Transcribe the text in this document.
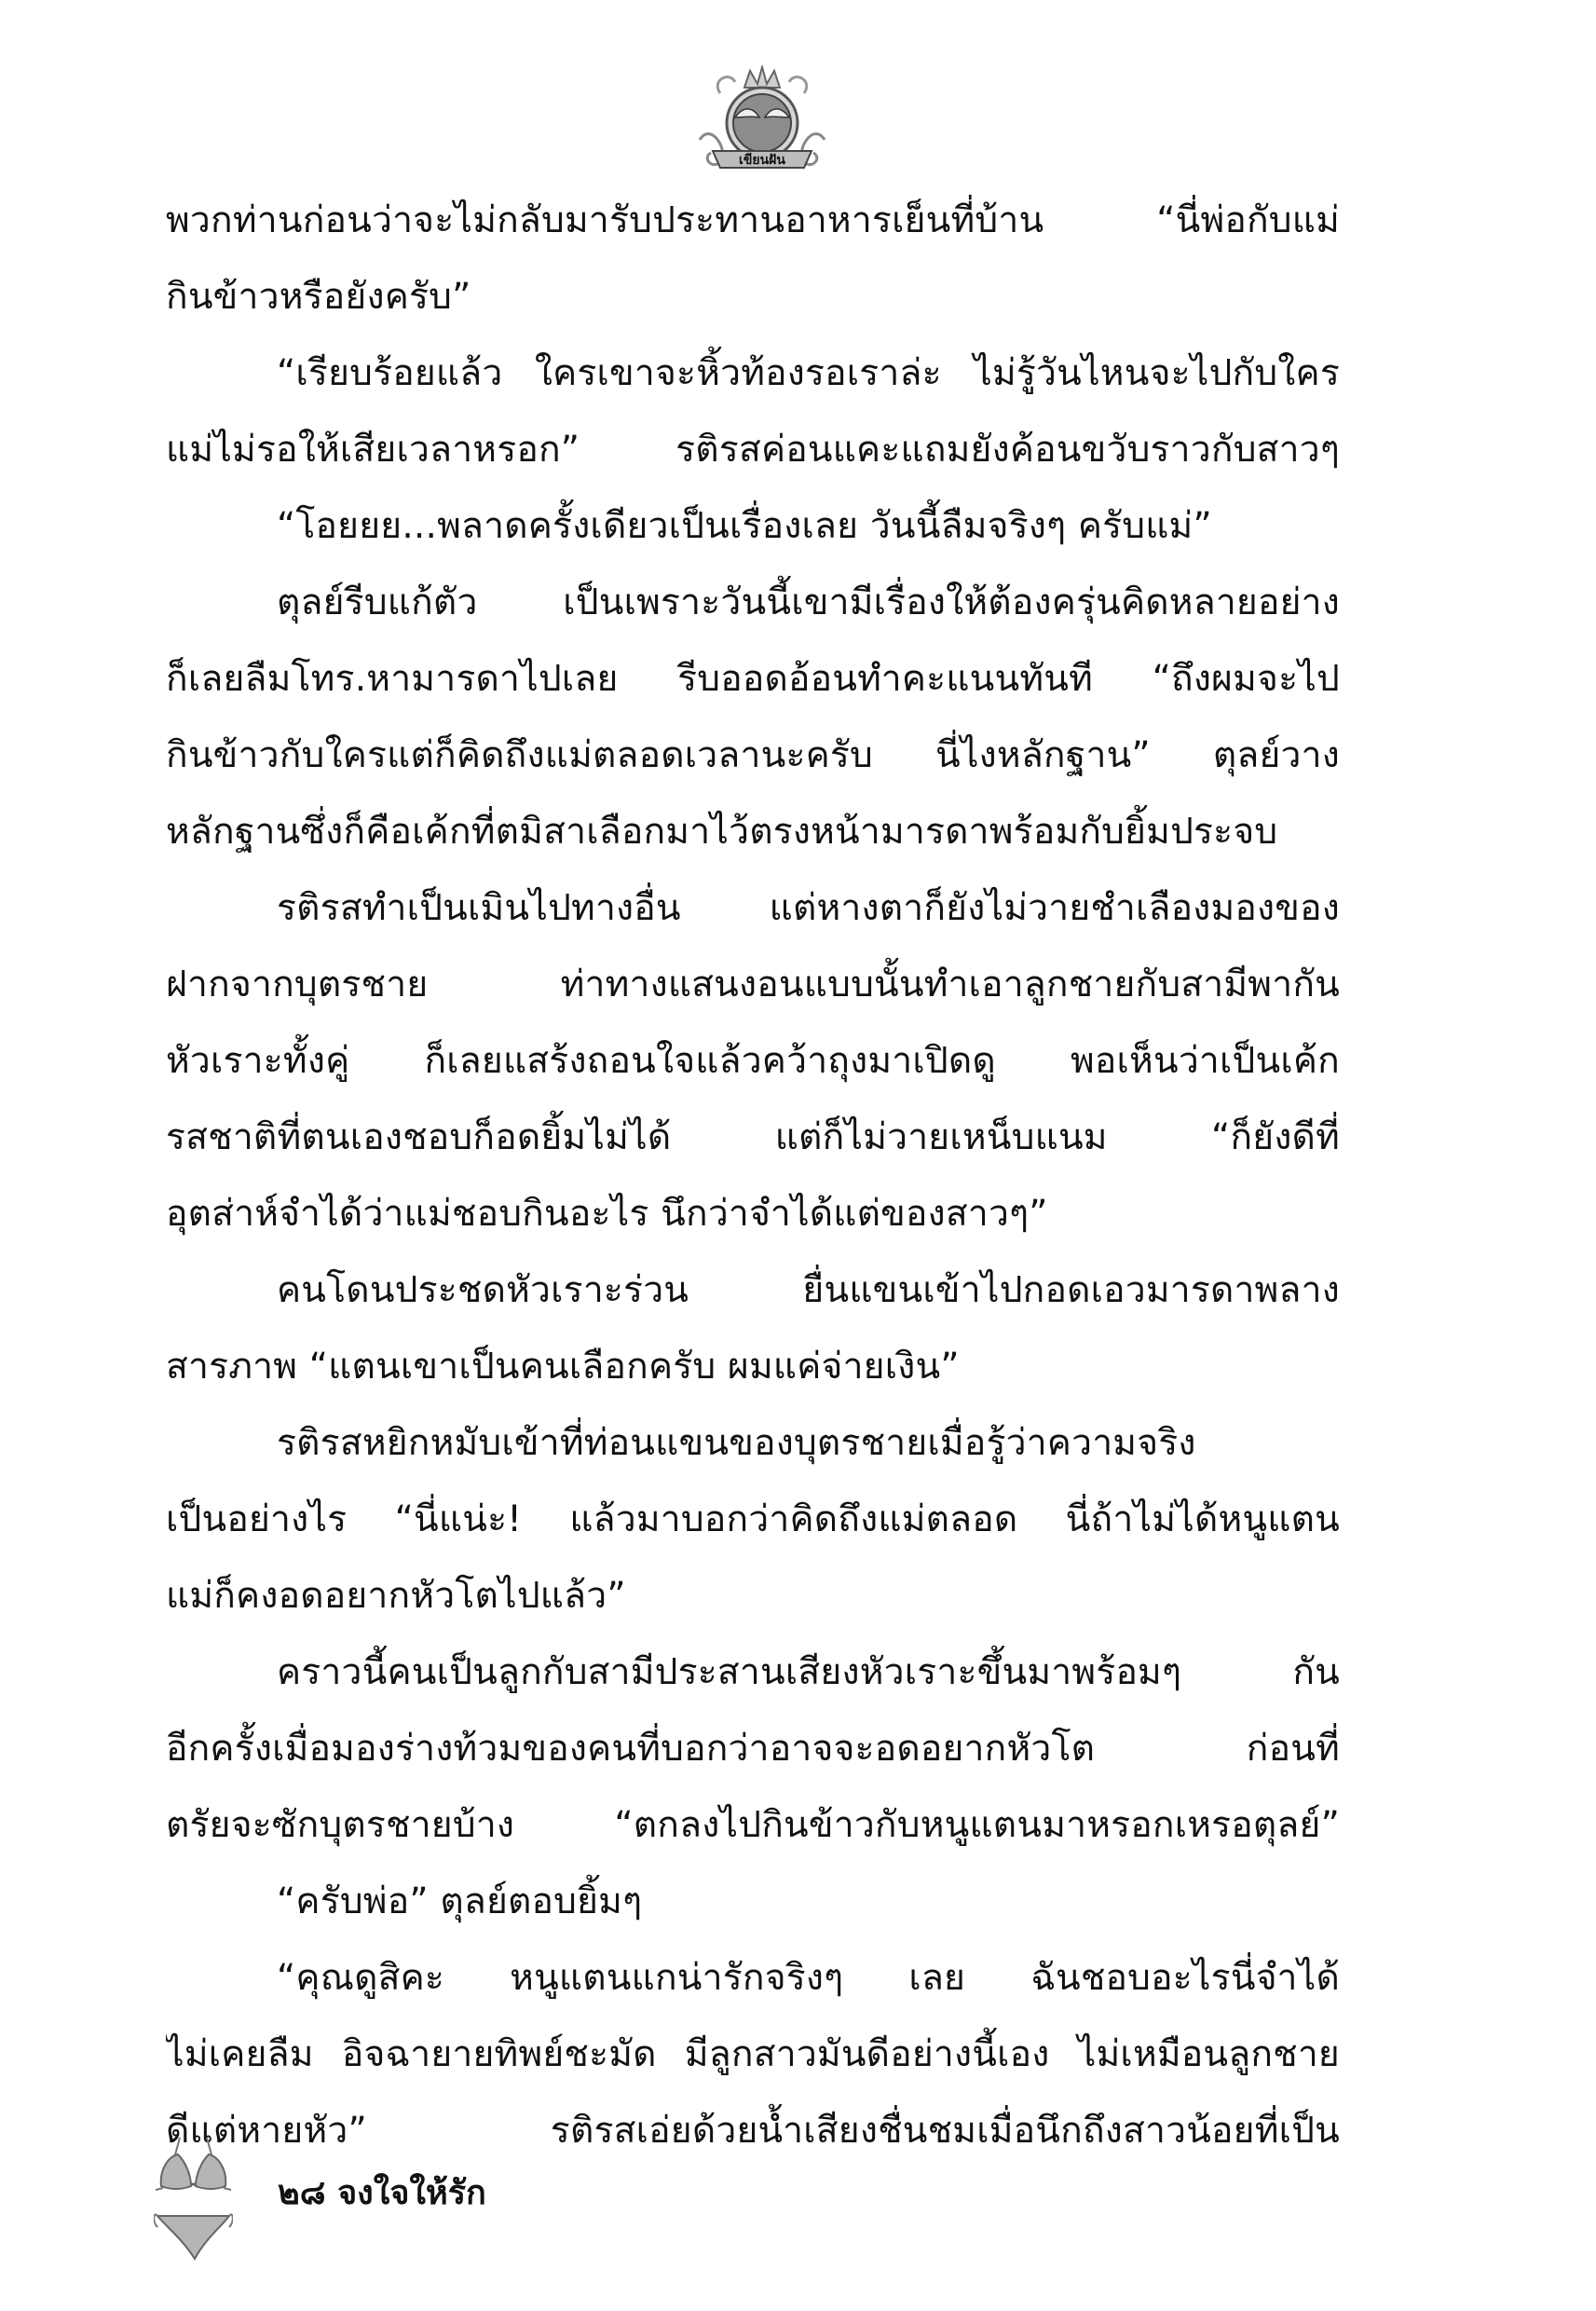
เขียนฝัน
พวกท่านก่อนว่าจะไม่กลับมารับประทานอาหารเย็นที่บ้าน “นี่พ่อกับแม่
กินข้าวหรือยังครับ”
“เรียบร้อยแล้ว ใครเขาจะหิ้วท้องรอเราล่ะ ไม่รู้วันไหนจะไปกับใคร
แม่ไม่รอให้เสียเวลาหรอก” รติรสค่อนแคะแถมยังค้อนขวับราวกับสาวๆ
“โอยยย...พลาดครั้งเดียวเป็นเรื่องเลย วันนี้ลืมจริงๆ ครับแม่”
ตุลย์รีบแก้ตัว เป็นเพราะวันนี้เขามีเรื่องให้ต้องครุ่นคิดหลายอย่าง
ก็เลยลืมโทร.หามารดาไปเลย รีบออดอ้อนทำคะแนนทันที “ถึงผมจะไป
กินข้าวกับใครแต่ก็คิดถึงแม่ตลอดเวลานะครับ นี่ไงหลักฐาน” ตุลย์วาง
หลักฐานซึ่งก็คือเค้กที่ตมิสาเลือกมาไว้ตรงหน้ามารดาพร้อมกับยิ้มประจบ
รติรสทำเป็นเมินไปทางอื่น แต่หางตาก็ยังไม่วายชำเลืองมองของ
ฝากจากบุตรชาย ท่าทางแสนงอนแบบนั้นทำเอาลูกชายกับสามีพากัน
หัวเราะทั้งคู่ ก็เลยแสร้งถอนใจแล้วคว้าถุงมาเปิดดู พอเห็นว่าเป็นเค้ก
รสชาติที่ตนเองชอบก็อดยิ้มไม่ได้ แต่ก็ไม่วายเหน็บแนม “ก็ยังดีที่
อุตส่าห์จำได้ว่าแม่ชอบกินอะไร นึกว่าจำได้แต่ของสาวๆ”
คนโดนประชดหัวเราะร่วน ยื่นแขนเข้าไปกอดเอวมารดาพลาง
สารภาพ “แตนเขาเป็นคนเลือกครับ ผมแค่จ่ายเงิน”
รติรสหยิกหมับเข้าที่ท่อนแขนของบุตรชายเมื่อรู้ว่าความจริง
เป็นอย่างไร “นี่แน่ะ! แล้วมาบอกว่าคิดถึงแม่ตลอด นี่ถ้าไม่ได้หนูแตน
แม่ก็คงอดอยากหัวโตไปแล้ว”
คราวนี้คนเป็นลูกกับสามีประสานเสียงหัวเราะขึ้นมาพร้อมๆ กัน
อีกครั้งเมื่อมองร่างท้วมของคนที่บอกว่าอาจจะอดอยากหัวโต ก่อนที่
ตรัยจะซักบุตรชายบ้าง “ตกลงไปกินข้าวกับหนูแตนมาหรอกเหรอตุลย์”
“ครับพ่อ” ตุลย์ตอบยิ้มๆ
“คุณดูสิคะ หนูแตนแกน่ารักจริงๆ เลย ฉันชอบอะไรนี่จำได้
ไม่เคยลืม อิจฉายายทิพย์ชะมัด มีลูกสาวมันดีอย่างนี้เอง ไม่เหมือนลูกชาย
ดีแต่หายหัว” รติรสเอ่ยด้วยน้ำเสียงชื่นชมเมื่อนึกถึงสาวน้อยที่เป็น
๒๘ จงใจให้รัก
